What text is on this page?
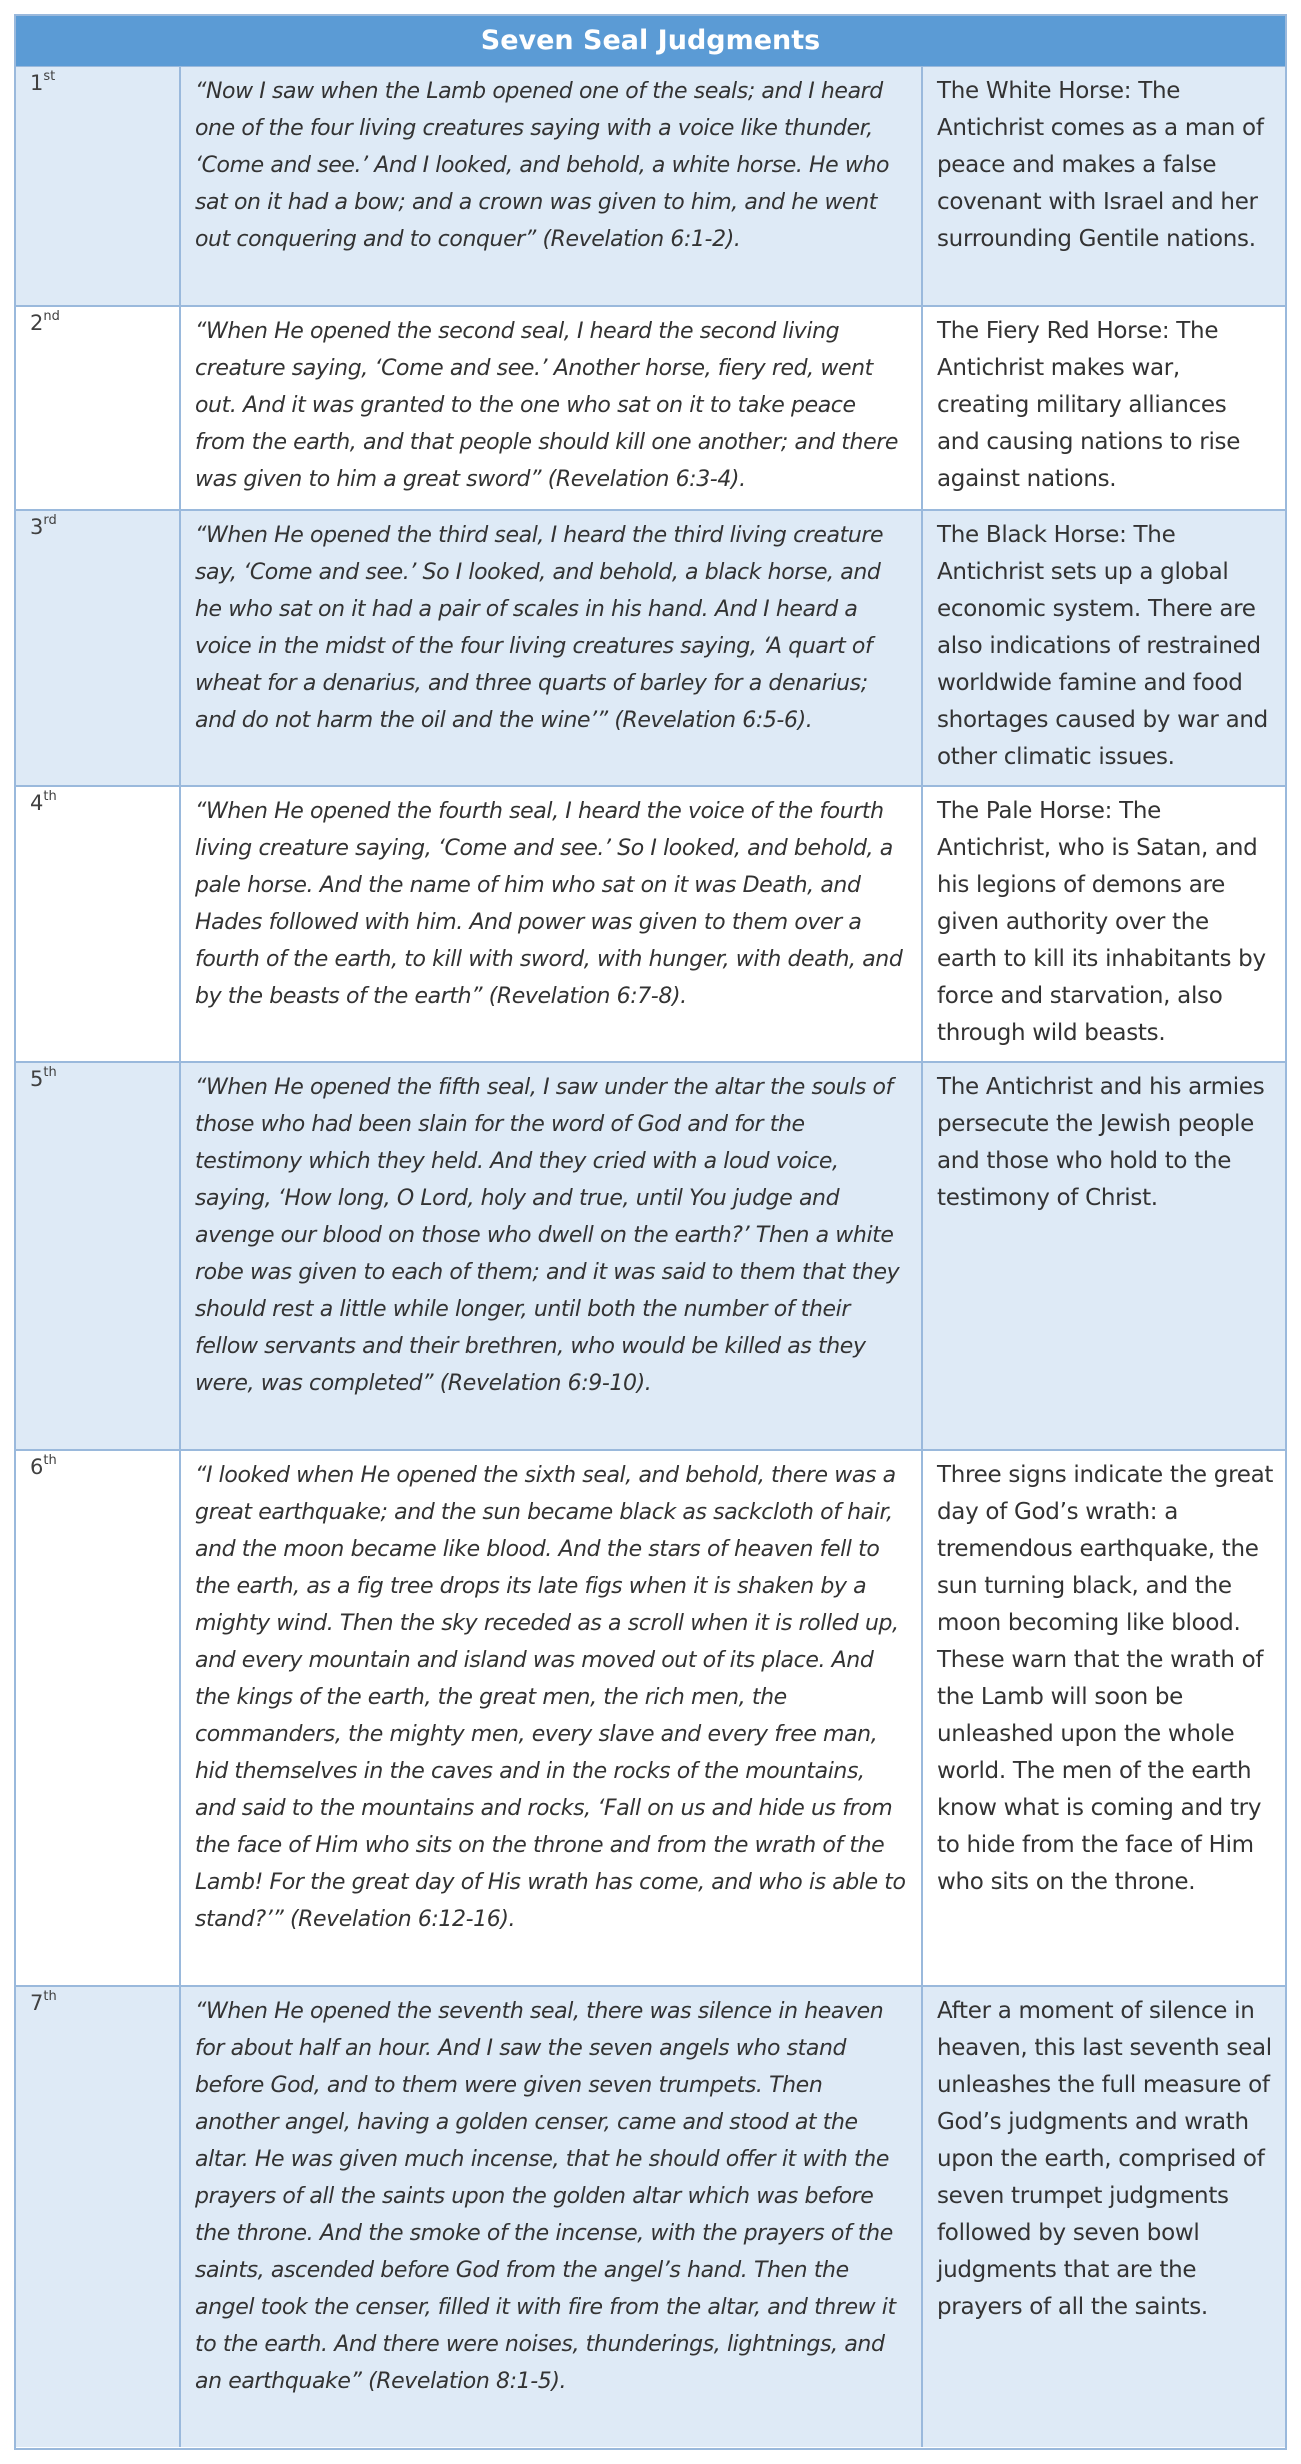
Seven Seal Judgments
1st
“Now I saw when the Lamb opened one of the seals; and I heard one of the four living creatures saying with a voice like thunder, ‘Come and see.’ And I looked, and behold, a white horse. He who sat on it had a bow; and a crown was given to him, and he went out conquering and to conquer” (Revelation 6:1-2).
The White Horse: The Antichrist comes as a man of peace and makes a false covenant with Israel and her surrounding Gentile nations.
2nd
“When He opened the second seal, I heard the second living creature saying, ‘Come and see.’ Another horse, fiery red, went out. And it was granted to the one who sat on it to take peace from the earth, and that people should kill one another; and there was given to him a great sword” (Revelation 6:3-4).
The Fiery Red Horse: The Antichrist makes war, creating military alliances and causing nations to rise against nations.
3rd
“When He opened the third seal, I heard the third living creature say, ‘Come and see.’ So I looked, and behold, a black horse, and he who sat on it had a pair of scales in his hand. And I heard a voice in the midst of the four living creatures saying, ‘A quart of wheat for a denarius, and three quarts of barley for a denarius; and do not harm the oil and the wine’” (Revelation 6:5-6).
The Black Horse: The Antichrist sets up a global economic system. There are also indications of restrained worldwide famine and food shortages caused by war and other climatic issues.
4th
“When He opened the fourth seal, I heard the voice of the fourth living creature saying, ‘Come and see.’ So I looked, and behold, a pale horse. And the name of him who sat on it was Death, and Hades followed with him. And power was given to them over a fourth of the earth, to kill with sword, with hunger, with death, and by the beasts of the earth” (Revelation 6:7-8).
The Pale Horse: The Antichrist, who is Satan, and his legions of demons are given authority over the earth to kill its inhabitants by force and starvation, also through wild beasts.
5th
“When He opened the fifth seal, I saw under the altar the souls of those who had been slain for the word of God and for the testimony which they held. And they cried with a loud voice, saying, ‘How long, O Lord, holy and true, until You judge and avenge our blood on those who dwell on the earth?’ Then a white robe was given to each of them; and it was said to them that they should rest a little while longer, until both the number of their fellow servants and their brethren, who would be killed as they were, was completed” (Revelation 6:9-10).
The Antichrist and his armies persecute the Jewish people and those who hold to the testimony of Christ.
6th
“I looked when He opened the sixth seal, and behold, there was a great earthquake; and the sun became black as sackcloth of hair, and the moon became like blood. And the stars of heaven fell to the earth, as a fig tree drops its late figs when it is shaken by a mighty wind. Then the sky receded as a scroll when it is rolled up, and every mountain and island was moved out of its place. And the kings of the earth, the great men, the rich men, the commanders, the mighty men, every slave and every free man, hid themselves in the caves and in the rocks of the mountains, and said to the mountains and rocks, ‘Fall on us and hide us from the face of Him who sits on the throne and from the wrath of the Lamb! For the great day of His wrath has come, and who is able to stand?’” (Revelation 6:12-16).
Three signs indicate the great day of God’s wrath: a tremendous earthquake, the sun turning black, and the moon becoming like blood. These warn that the wrath of the Lamb will soon be unleashed upon the whole world. The men of the earth know what is coming and try to hide from the face of Him who sits on the throne.
7th
“When He opened the seventh seal, there was silence in heaven for about half an hour. And I saw the seven angels who stand before God, and to them were given seven trumpets. Then another angel, having a golden censer, came and stood at the altar. He was given much incense, that he should offer it with the prayers of all the saints upon the golden altar which was before the throne. And the smoke of the incense, with the prayers of the saints, ascended before God from the angel’s hand. Then the angel took the censer, filled it with fire from the altar, and threw it to the earth. And there were noises, thunderings, lightnings, and an earthquake” (Revelation 8:1-5).
After a moment of silence in heaven, this last seventh seal unleashes the full measure of God’s judgments and wrath upon the earth, comprised of seven trumpet judgments followed by seven bowl judgments that are the prayers of all the saints.
